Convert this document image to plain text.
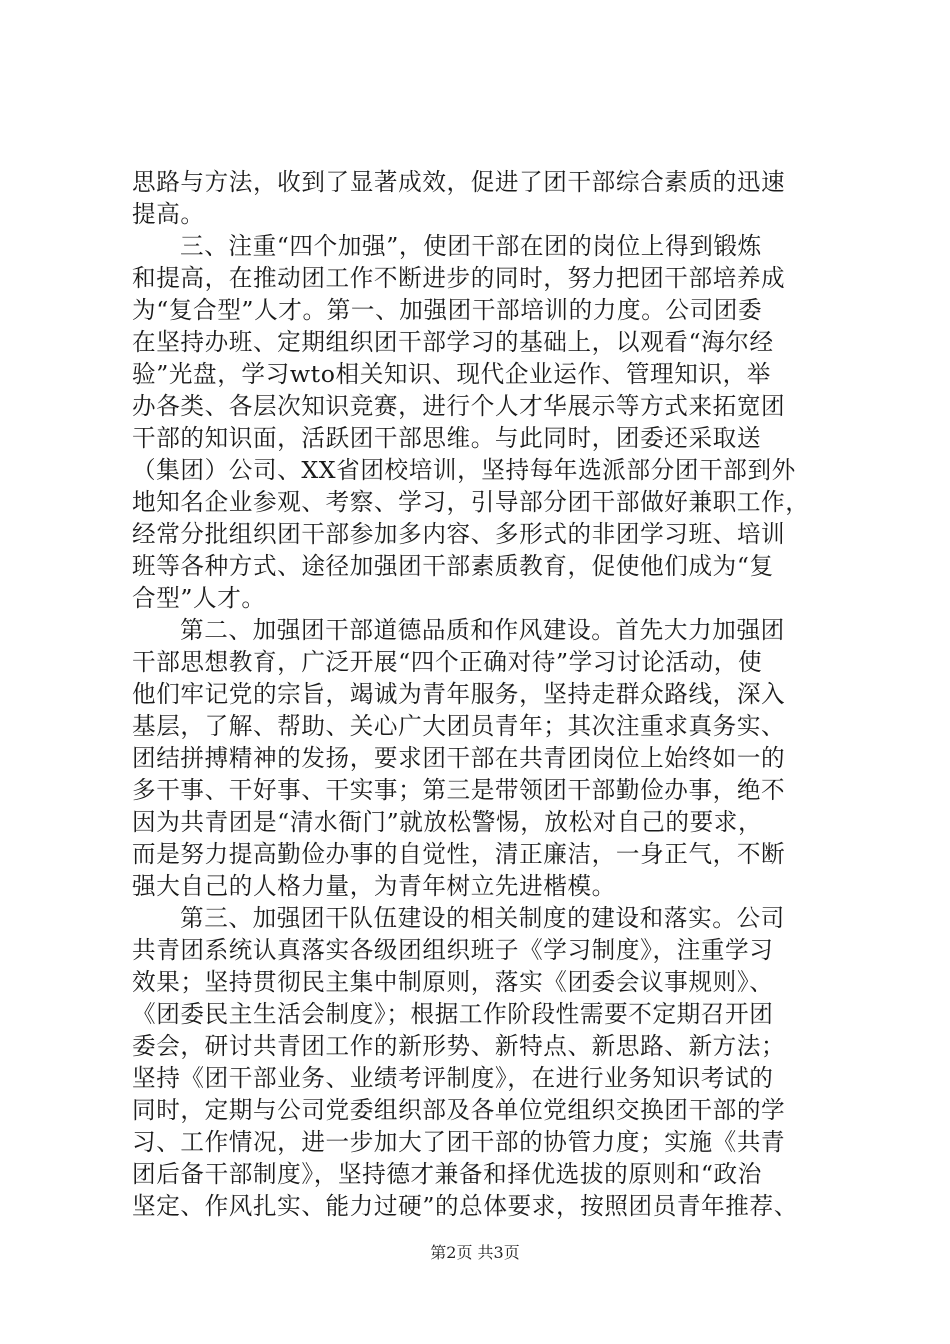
思路与方法，收到了显著成效，促进了团干部综合素质的迅速
提高。
三、注重“四个加强”，使团干部在团的岗位上得到锻炼
和提高，在推动团工作不断进步的同时，努力把团干部培养成
为“复合型”人才。第一、加强团干部培训的力度。公司团委
在坚持办班、定期组织团干部学习的基础上，以观看“海尔经
验”光盘，学习wto相关知识、现代企业运作、管理知识，举
办各类、各层次知识竞赛，进行个人才华展示等方式来拓宽团
干部的知识面，活跃团干部思维。与此同时，团委还采取送
（集团）公司、XX省团校培训，坚持每年选派部分团干部到外
地知名企业参观、考察、学习，引导部分团干部做好兼职工作，
经常分批组织团干部参加多内容、多形式的非团学习班、培训
班等各种方式、途径加强团干部素质教育，促使他们成为“复
合型”人才。
第二、加强团干部道德品质和作风建设。首先大力加强团
干部思想教育，广泛开展“四个正确对待”学习讨论活动，使
他们牢记党的宗旨，竭诚为青年服务，坚持走群众路线，深入
基层，了解、帮助、关心广大团员青年；其次注重求真务实、
团结拼搏精神的发扬，要求团干部在共青团岗位上始终如一的
多干事、干好事、干实事；第三是带领团干部勤俭办事，绝不
因为共青团是“清水衙门”就放松警惕，放松对自己的要求，
而是努力提高勤俭办事的自觉性，清正廉洁，一身正气，不断
强大自己的人格力量，为青年树立先进楷模。
第三、加强团干队伍建设的相关制度的建设和落实。公司
共青团系统认真落实各级团组织班子《学习制度》，注重学习
效果；坚持贯彻民主集中制原则，落实《团委会议事规则》、
《团委民主生活会制度》；根据工作阶段性需要不定期召开团
委会，研讨共青团工作的新形势、新特点、新思路、新方法；
坚持《团干部业务、业绩考评制度》，在进行业务知识考试的
同时，定期与公司党委组织部及各单位党组织交换团干部的学
习、工作情况，进一步加大了团干部的协管力度；实施《共青
团后备干部制度》，坚持德才兼备和择优选拔的原则和“政治
坚定、作风扎实、能力过硬”的总体要求，按照团员青年推荐、
第2页 共3页
